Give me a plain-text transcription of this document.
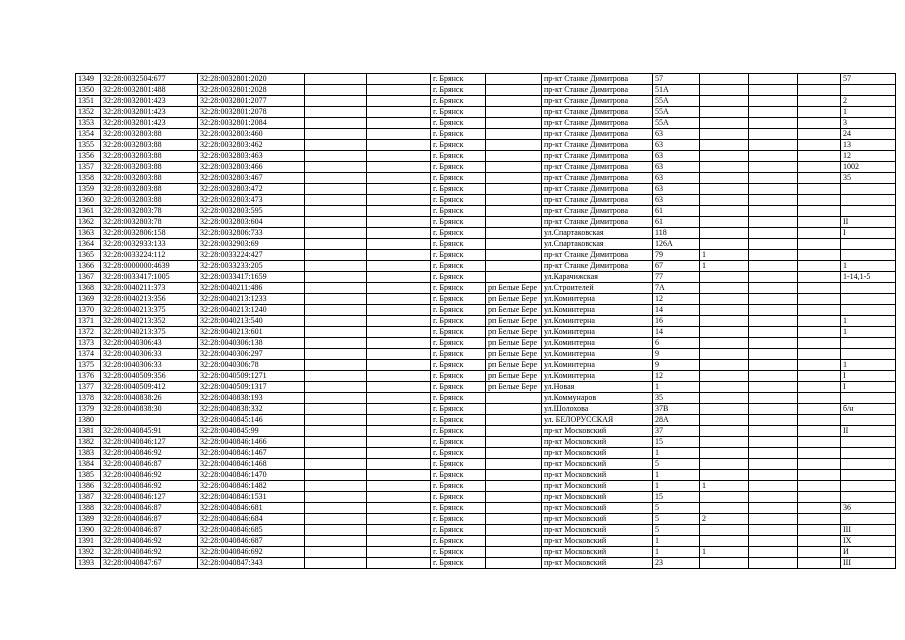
1349	32:28:0032504:677	32:28:0032801:2020			г. Брянск		пр-кт Станке Димитрова	57				57
1350	32:28:0032801:488	32:28:0032801:2028			г. Брянск		пр-кт Станке Димитрова	51А				
1351	32:28:0032801:423	32:28:0032801:2077			г. Брянск		пр-кт Станке Димитрова	55А				2
1352	32:28:0032801:423	32:28:0032801:2078			г. Брянск		пр-кт Станке Димитрова	55А				1
1353	32:28:0032801:423	32:28:0032801:2084			г. Брянск		пр-кт Станке Димитрова	55А				3
1354	32:28:0032803:88	32:28:0032803:460			г. Брянск		пр-кт Станке Димитрова	63				24
1355	32:28:0032803:88	32:28:0032803:462			г. Брянск		пр-кт Станке Димитрова	63				13
1356	32:28:0032803:88	32:28:0032803:463			г. Брянск		пр-кт Станке Димитрова	63				12
1357	32:28:0032803:88	32:28:0032803:466			г. Брянск		пр-кт Станке Димитрова	63				1002
1358	32:28:0032803:88	32:28:0032803:467			г. Брянск		пр-кт Станке Димитрова	63				35
1359	32:28:0032803:88	32:28:0032803:472			г. Брянск		пр-кт Станке Димитрова	63				
1360	32:28:0032803:88	32:28:0032803:473			г. Брянск		пр-кт Станке Димитрова	63				
1361	32:28:0032803:78	32:28:0032803:595			г. Брянск		пр-кт Станке Димитрова	61				
1362	32:28:0032803:78	32:28:0032803:604			г. Брянск		пр-кт Станке Димитрова	61				II
1363	32:28:0032806:158	32:28:0032806:733			г. Брянск		ул.Спартаковская	118				I
1364	32:28:0032933:133	32:28:0032903:69			г. Брянск		ул.Спартаковская	126А				
1365	32:28:0033224:112	32:28:0033224:427			г. Брянск		пр-кт Станке Димитрова	79	1			
1366	32:28:0000000:4639	32:28:0033233:205			г. Брянск		пр-кт Станке Димитрова	67	1			1
1367	32:28:0033417:1005	32:28:0033417:1659			г. Брянск		ул.Карачижская	77				1-14,1-5
1368	32:28:0040211:373	32:28:0040211:486			г. Брянск	рп Белые Бере	ул.Строителей	7А				
1369	32:28:0040213:356	32:28:0040213:1233			г. Брянск	рп Белые Бере	ул.Коминтерна	12				
1370	32:28:0040213:375	32:28:0040213:1240			г. Брянск	рп Белые Бере	ул.Коминтерна	14				
1371	32:28:0040213:352	32:28:0040213:540			г. Брянск	рп Белые Бере	ул.Коминтерна	16				1
1372	32:28:0040213:375	32:28:0040213:601			г. Брянск	рп Белые Бере	ул.Коминтерна	14				1
1373	32:28:0040306:43	32:28:0040306:138			г. Брянск	рп Белые Бере	ул.Коминтерна	6				
1374	32:28:0040306:33	32:28:0040306:297			г. Брянск	рп Белые Бере	ул.Коминтерна	9				
1375	32:28:0040306:33	32:28:0040306:78			г. Брянск	рп Белые Бере	ул.Коминтерна	9				1
1376	32:28:0040509:356	32:28:0040509:1271			г. Брянск	рп Белые Бере	ул.Коминтерна	12				I
1377	32:28:0040509:412	32:28:0040509:1317			г. Брянск	рп Белые Бере	ул.Новая	1				I
1378	32:28:0040838:26	32:28:0040838:193			г. Брянск		ул.Коммунаров	35				
1379	32:28:0040838:30	32:28:0040838:332			г. Брянск		ул.Шолохова	37В				б/н
1380		32:28:0040845:146			г. Брянск		ул. БЕЛОРУССКАЯ	28А				
1381	32:28:0040845:91	32:28:0040845:99			г. Брянск		пр-кт Московский	37				II
1382	32:28:0040846:127	32:28:0040846:1466			г. Брянск		пр-кт Московский	15				
1383	32:28:0040846:92	32:28:0040846:1467			г. Брянск		пр-кт Московский	1				
1384	32:28:0040846:87	32:28:0040846:1468			г. Брянск		пр-кт Московский	5				
1385	32:28:0040846:92	32:28:0040846:1470			г. Брянск		пр-кт Московский	1				
1386	32:28:0040846:92	32:28:0040846:1482			г. Брянск		пр-кт Московский	1	1			
1387	32:28:0040846:127	32:28:0040846:1531			г. Брянск		пр-кт Московский	15				
1388	32:28:0040846:87	32:28:0040846:681			г. Брянск		пр-кт Московский	5				36
1389	32:28:0040846:87	32:28:0040846:684			г. Брянск		пр-кт Московский	5	2			
1390	32:28:0040846:87	32:28:0040846:685			г. Брянск		пр-кт Московский	5				III
1391	32:28:0040846:92	32:28:0040846:687			г. Брянск		пр-кт Московский	1				IX
1392	32:28:0040846:92	32:28:0040846:692			г. Брянск		пр-кт Московский	1	1			И
1393	32:28:0040847:67	32:28:0040847:343			г. Брянск		пр-кт Московский	23				III
